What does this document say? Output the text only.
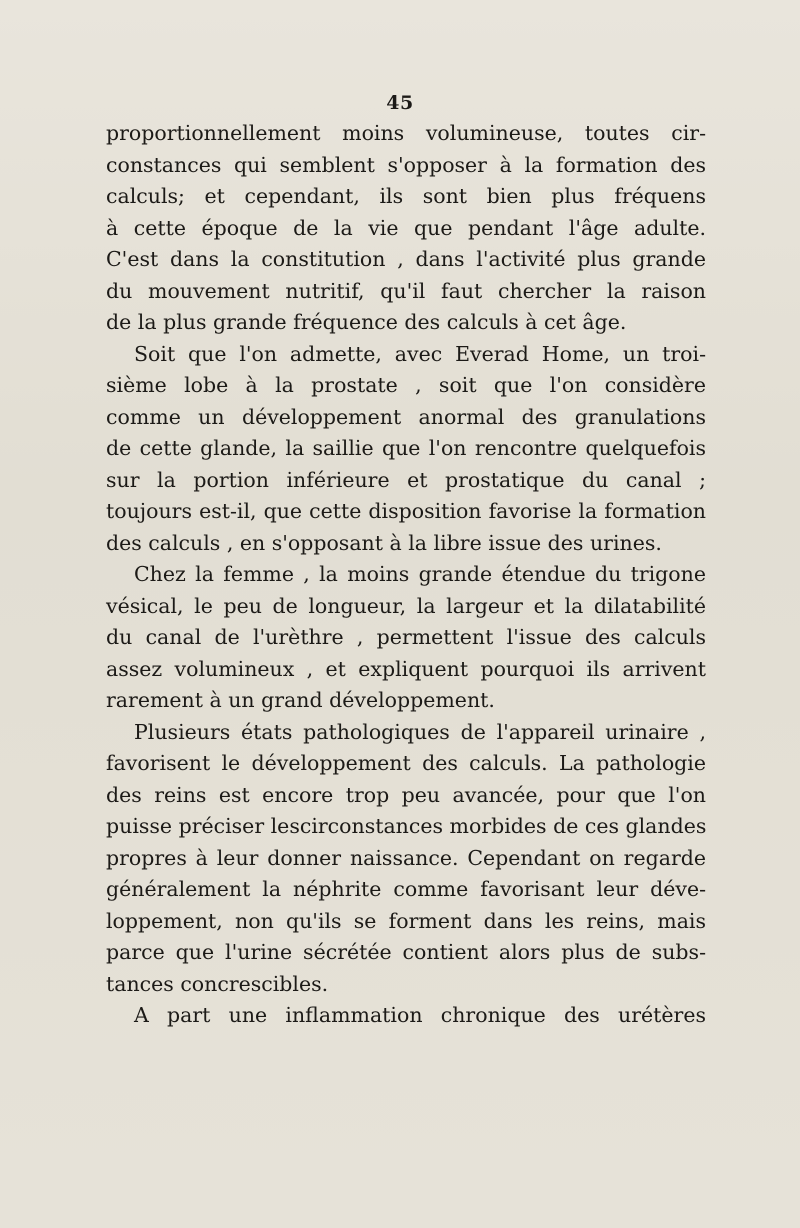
45
proportionnellement moins volumineuse, toutes cir-
constances qui semblent s'opposer à la formation des
calculs; et cependant, ils sont bien plus fréquens
à cette époque de la vie que pendant l'âge adulte.
C'est dans la constitution , dans l'activité plus grande
du mouvement nutritif, qu'il faut chercher la raison
de la plus grande fréquence des calculs à cet âge.
Soit que l'on admette, avec Everad Home, un troi-
sième lobe à la prostate , soit que l'on considère
comme un développement anormal des granulations
de cette glande, la saillie que l'on rencontre quelquefois
sur la portion inférieure et prostatique du canal ;
toujours est-il, que cette disposition favorise la formation
des calculs , en s'opposant à la libre issue des urines.
Chez la femme , la moins grande étendue du trigone
vésical, le peu de longueur, la largeur et la dilatabilité
du canal de l'urèthre , permettent l'issue des calculs
assez volumineux , et expliquent pourquoi ils arrivent
rarement à un grand développement.
Plusieurs états pathologiques de l'appareil urinaire ,
favorisent le développement des calculs. La pathologie
des reins est encore trop peu avancée, pour que l'on
puisse préciser lescirconstances morbides de ces glandes
propres à leur donner naissance. Cependant on regarde
généralement la néphrite comme favorisant leur déve-
loppement, non qu'ils se forment dans les reins, mais
parce que l'urine sécrétée contient alors plus de subs-
tances concrescibles.
A part une inflammation chronique des urétères
